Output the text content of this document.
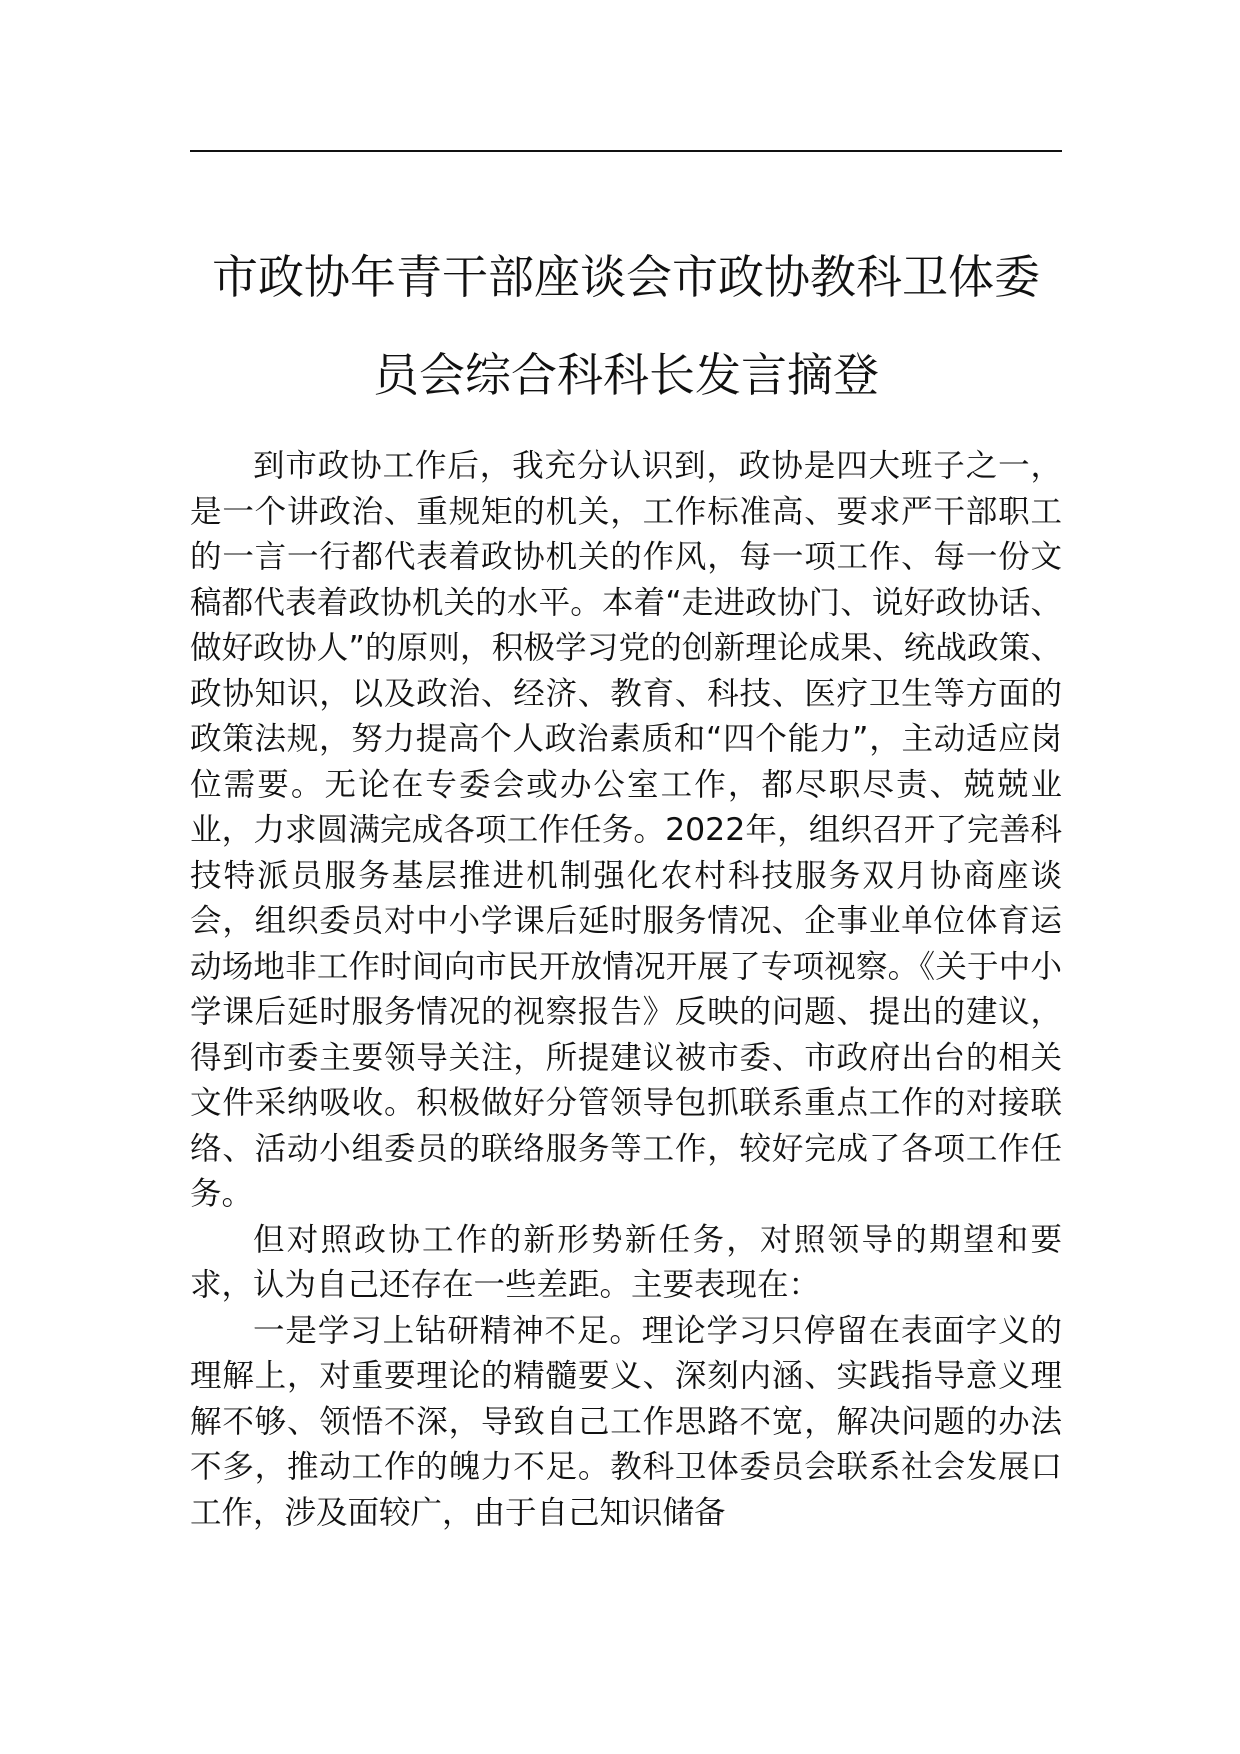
市政协年青干部座谈会市政协教科卫体委
员会综合科科长发言摘登

到市政协工作后，我充分认识到，政协是四大班子之一，是一个讲政治、重规矩的机关，工作标准高、要求严干部职工的一言一行都代表着政协机关的作风，每一项工作、每一份文稿都代表着政协机关的水平。本着“走进政协门、说好政协话、做好政协人”的原则，积极学习党的创新理论成果、统战政策、政协知识，以及政治、经济、教育、科技、医疗卫生等方面的政策法规，努力提高个人政治素质和“四个能力”，主动适应岗位需要。无论在专委会或办公室工作，都尽职尽责、兢兢业业，力求圆满完成各项工作任务。2022年，组织召开了完善科技特派员服务基层推进机制强化农村科技服务双月协商座谈会，组织委员对中小学课后延时服务情况、企事业单位体育运动场地非工作时间向市民开放情况开展了专项视察。《关于中小学课后延时服务情况的视察报告》反映的问题、提出的建议，得到市委主要领导关注，所提建议被市委、市政府出台的相关文件采纳吸收。积极做好分管领导包抓联系重点工作的对接联络、活动小组委员的联络服务等工作，较好完成了各项工作任务。

但对照政协工作的新形势新任务，对照领导的期望和要求，认为自己还存在一些差距。主要表现在：

一是学习上钻研精神不足。理论学习只停留在表面字义的理解上，对重要理论的精髓要义、深刻内涵、实践指导意义理解不够、领悟不深，导致自己工作思路不宽，解决问题的办法不多，推动工作的魄力不足。教科卫体委员会联系社会发展口工作，涉及面较广，由于自己知识储备
